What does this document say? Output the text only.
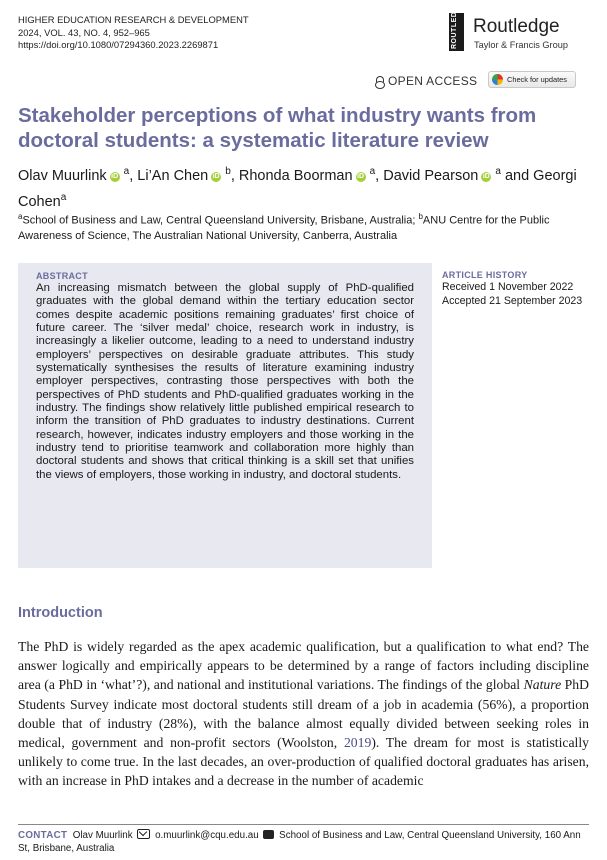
HIGHER EDUCATION RESEARCH & DEVELOPMENT
2024, VOL. 43, NO. 4, 952–965
https://doi.org/10.1080/07294360.2023.2269871	ROUTLEDGE Routledge
Taylor & Francis Group
OPEN ACCESS	Check for updates
Stakeholder perceptions of what industry wants from doctoral students: a systematic literature review
Olav Muurlink iD $^a$, Li’An Chen iD $^b$, Rhonda Boorman iD $^a$, David Pearson iD $^a$ and Georgi Cohen$^a$
$^a$School of Business and Law, Central Queensland University, Brisbane, Australia; $^b$ANU Centre for the Public Awareness of Science, The Australian National University, Canberra, Australia
ABSTRACT

An increasing mismatch between the global supply of PhD-qualified graduates with the global demand within the tertiary education sector comes despite academic positions remaining graduates’ first choice of future career. The ‘silver medal’ choice, research work in industry, is increasingly a likelier outcome, leading to a need to understand industry employers’ perspectives on desirable graduate attributes. This study systematically synthesises the results of literature examining industry employer perspectives, contrasting those perspectives with both the perspectives of PhD students and PhD-qualified graduates working in the industry. The findings show relatively little published empirical research to inform the transition of PhD graduates to industry destinations. Current research, however, indicates industry employers and those working in the industry tend to prioritise teamwork and collaboration more highly than doctoral students and shows that critical thinking is a skill set that unifies the views of employers, those working in industry, and doctoral students.

ARTICLE HISTORY
Received 1 November 2022
Accepted 21 September 2023
Introduction

The PhD is widely regarded as the apex academic qualification, but a qualification to what end? The answer logically and empirically appears to be determined by a range of factors including discipline area (a PhD in ‘what’?), and national and institutional variations. The findings of the global Nature PhD Students Survey indicate most doctoral students still dream of a job in academia (56%), a proportion double that of industry (28%), with the balance almost equally divided between seeking roles in medical, government and non-profit sectors (Woolston, 2019). The dream for most is statistically unlikely to come true. In the last decades, an over-production of qualified doctoral graduates has arisen, with an increase in PhD intakes and a decrease in the number of academic

CONTACT Olav Muurlink o.muurlink@cqu.edu.au School of Business and Law, Central Queensland University, 160 Ann St, Brisbane, Australia
